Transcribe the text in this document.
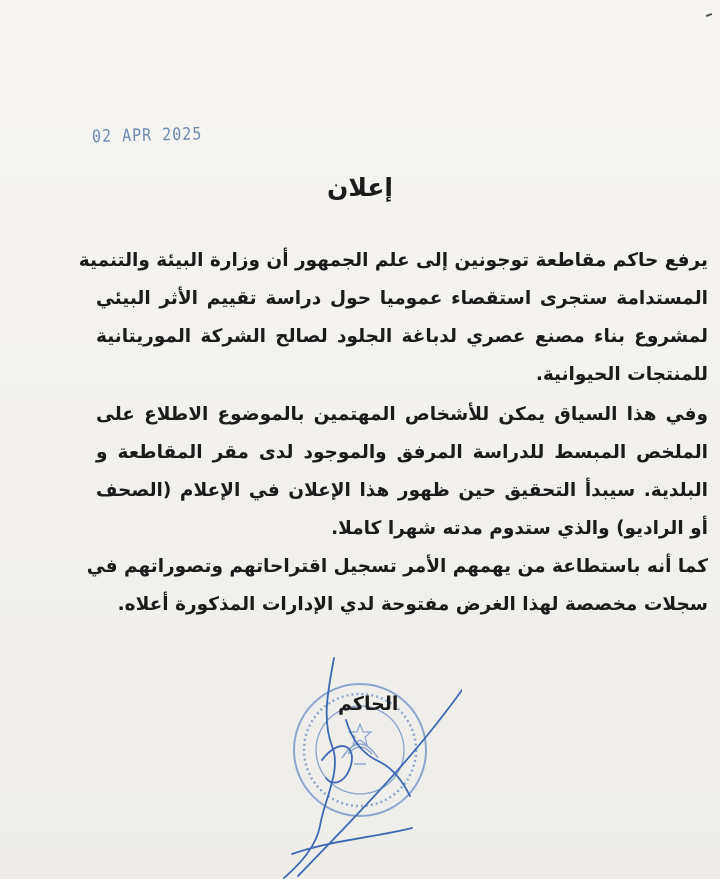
02 APR 2025
إعلان

يرفع حاكم مقاطعة توجونين إلى علم الجمهور أن وزارة البيئة والتنمية
المستدامة ستجرى استقصاء عموميا حول دراسة تقييم الأثر البيئي
لمشروع بناء مصنع عصري لدباغة الجلود لصالح الشركة الموريتانية
للمنتجات الحيوانية.

وفي هذا السياق يمكن للأشخاص المهتمين بالموضوع الاطلاع على
الملخص المبسط للدراسة المرفق والموجود لدى مقر المقاطعة و
البلدية. سيبدأ التحقيق حين ظهور هذا الإعلان في الإعلام (الصحف
أو الراديو) والذي ستدوم مدته شهرا كاملا.

كما أنه باستطاعة من يهمهم الأمر تسجيل اقتراحاتهم وتصوراتهم في
سجلات مخصصة لهذا الغرض مفتوحة لدي الإدارات المذكورة أعلاه.

الحاكم
